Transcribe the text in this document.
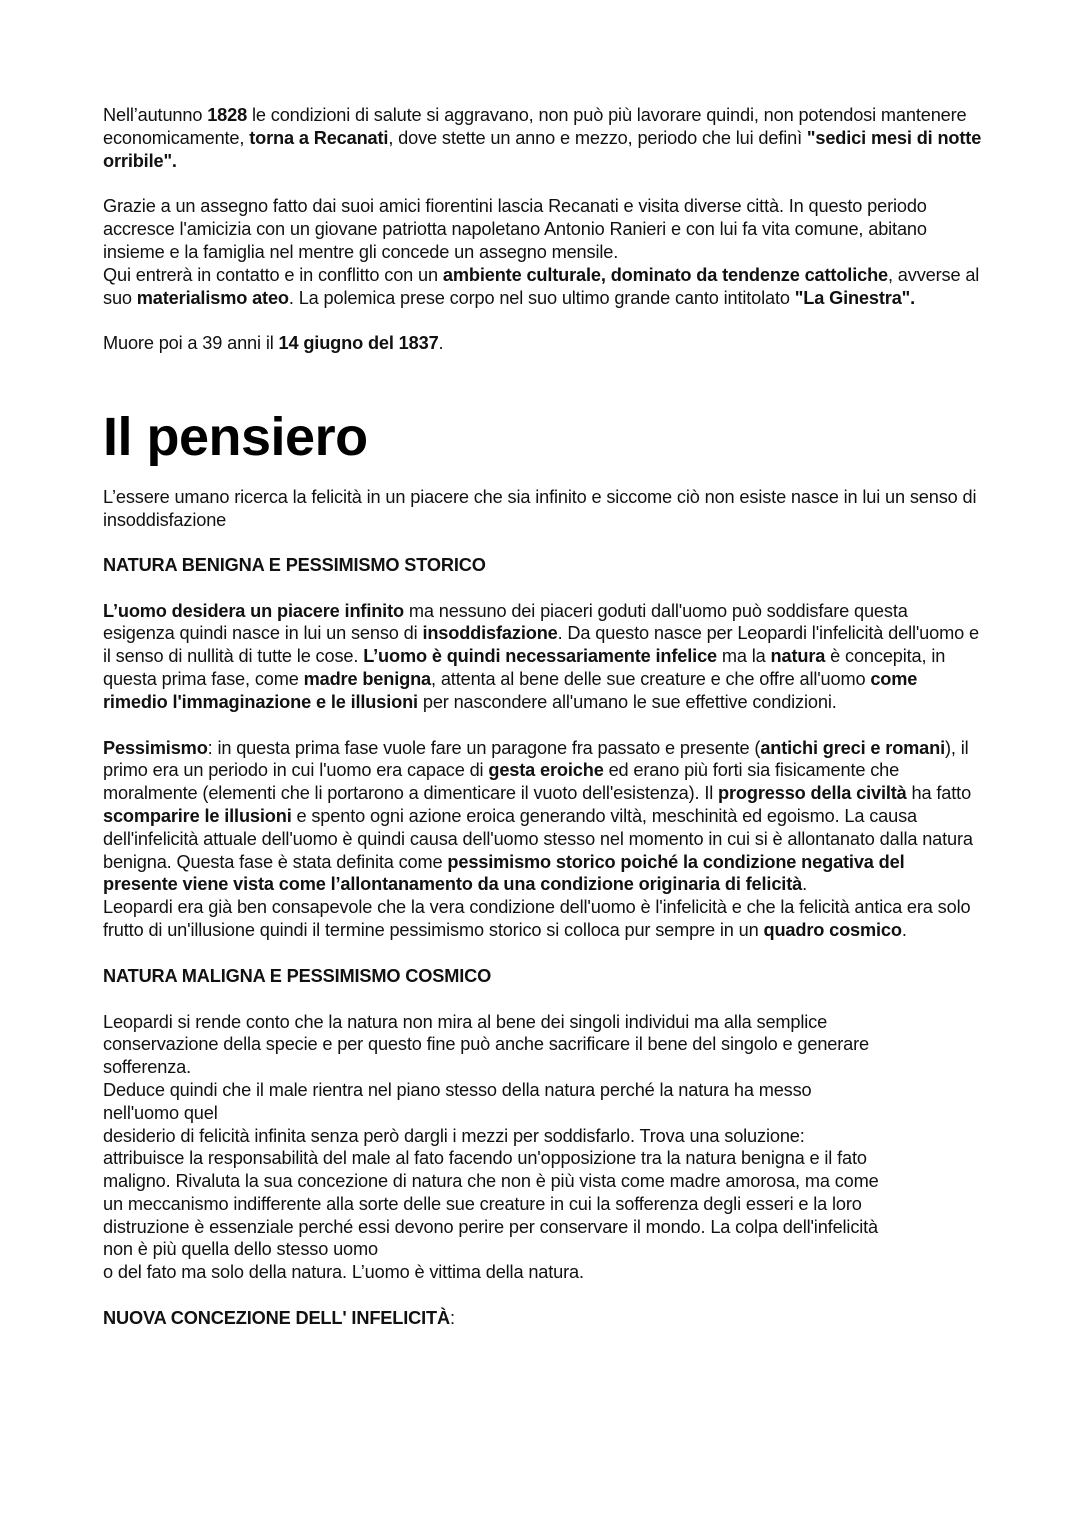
Nell’autunno 1828 le condizioni di salute si aggravano, non può più lavorare quindi, non potendosi mantenere economicamente, torna a Recanati, dove stette un anno e mezzo, periodo che lui definì "sedici mesi di notte orribile".

Grazie a un assegno fatto dai suoi amici fiorentini lascia Recanati e visita diverse città. In questo periodo accresce l'amicizia con un giovane patriotta napoletano Antonio Ranieri e con lui fa vita comune, abitano insieme e la famiglia nel mentre gli concede un assegno mensile.

Qui entrerà in contatto e in conflitto con un ambiente culturale, dominato da tendenze cattoliche, avverse al suo materialismo ateo. La polemica prese corpo nel suo ultimo grande canto intitolato "La Ginestra".

Muore poi a 39 anni il 14 giugno del 1837.

Il pensiero

L’essere umano ricerca la felicità in un piacere che sia infinito e siccome ciò non esiste nasce in lui un senso di insoddisfazione

NATURA BENIGNA E PESSIMISMO STORICO

L’uomo desidera un piacere infinito ma nessuno dei piaceri goduti dall'uomo può soddisfare questa esigenza quindi nasce in lui un senso di insoddisfazione. Da questo nasce per Leopardi l'infelicità dell'uomo e il senso di nullità di tutte le cose. L’uomo è quindi necessariamente infelice ma la natura è concepita, in questa prima fase, come madre benigna, attenta al bene delle sue creature e che offre all'uomo come rimedio l'immaginazione e le illusioni per nascondere all'umano le sue effettive condizioni.

Pessimismo: in questa prima fase vuole fare un paragone fra passato e presente (antichi greci e romani), il primo era un periodo in cui l'uomo era capace di gesta eroiche ed erano più forti sia fisicamente che moralmente (elementi che li portarono a dimenticare il vuoto dell'esistenza). Il progresso della civiltà ha fatto scomparire le illusioni e spento ogni azione eroica generando viltà, meschinità ed egoismo. La causa dell'infelicità attuale dell'uomo è quindi causa dell'uomo stesso nel momento in cui si è allontanato dalla natura benigna. Questa fase è stata definita come pessimismo storico poiché la condizione negativa del presente viene vista come l’allontanamento da una condizione originaria di felicità.

Leopardi era già ben consapevole che la vera condizione dell'uomo è l'infelicità e che la felicità antica era solo frutto di un'illusione quindi il termine pessimismo storico si colloca pur sempre in un quadro cosmico.

NATURA MALIGNA E PESSIMISMO COSMICO

Leopardi si rende conto che la natura non mira al bene dei singoli individui ma alla semplice

conservazione della specie e per questo fine può anche sacrificare il bene del singolo e generare

sofferenza.

Deduce quindi che il male rientra nel piano stesso della natura perché la natura ha messo

nell'uomo quel

desiderio di felicità infinita senza però dargli i mezzi per soddisfarlo. Trova una soluzione:

attribuisce la responsabilità del male al fato facendo un'opposizione tra la natura benigna e il fato

maligno. Rivaluta la sua concezione di natura che non è più vista come madre amorosa, ma come

un meccanismo indifferente alla sorte delle sue creature in cui la sofferenza degli esseri e la loro

distruzione è essenziale perché essi devono perire per conservare il mondo. La colpa dell'infelicità

non è più quella dello stesso uomo

o del fato ma solo della natura. L’uomo è vittima della natura.

NUOVA CONCEZIONE DELL' INFELICITÀ:
